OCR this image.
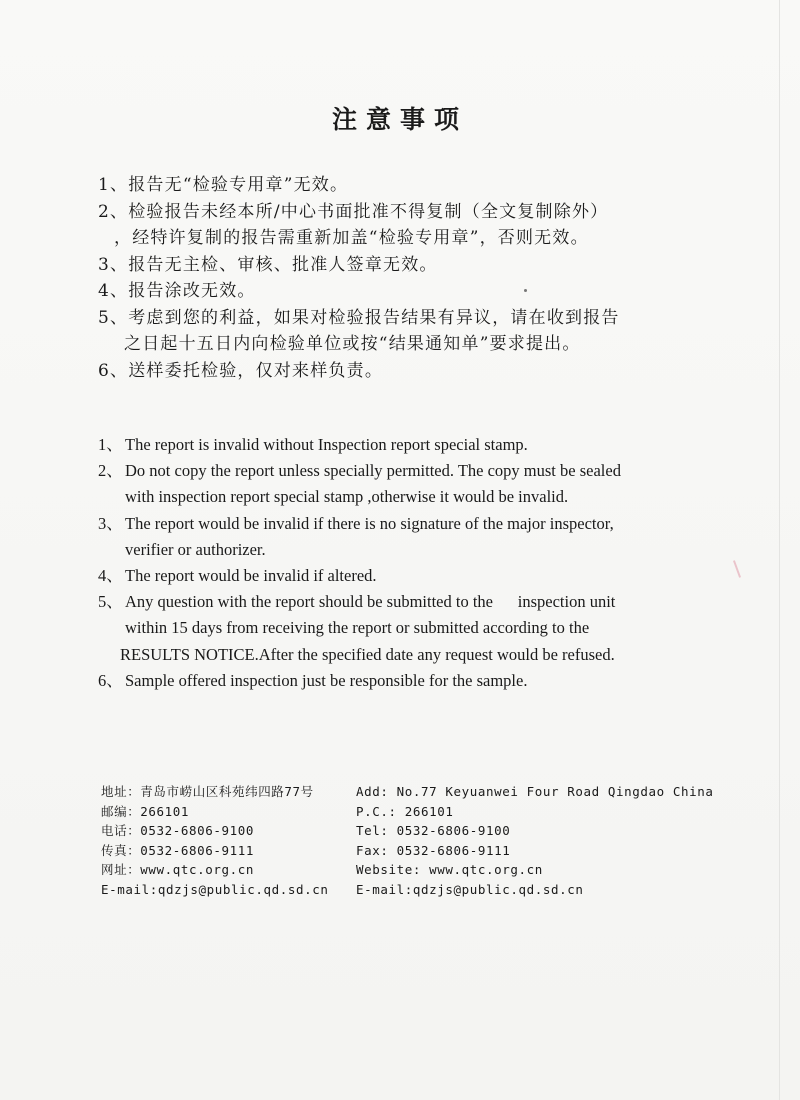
注意事项
1、报告无“检验专用章”无效。
2、检验报告未经本所/中心书面批准不得复制（全文复制除外）
，经特许复制的报告需重新加盖“检验专用章”，否则无效。
3、报告无主检、审核、批准人签章无效。
4、报告涂改无效。
5、考虑到您的利益，如果对检验报告结果有异议，请在收到报告
之日起十五日内向检验单位或按“结果通知单”要求提出。
6、送样委托检验，仅对来样负责。
1、 The report is invalid without Inspection report special stamp.
2、 Do not copy the report unless specially permitted. The copy must be sealed
with inspection report special stamp ,otherwise it would be invalid.
3、 The report would be invalid if there is no signature of the major inspector,
verifier or authorizer.
4、 The report would be invalid if altered.
5、 Any question with the report should be submitted to the      inspection unit
within 15 days from receiving the report or submitted according to the
RESULTS NOTICE.After the specified date any request would be refused.
6、 Sample offered inspection just be responsible for the sample.
地址：青岛市崂山区科苑纬四路77号
邮编：266101
电话：0532-6806-9100
传真：0532-6806-9111
网址：www.qtc.org.cn
E-mail:qdzjs@public.qd.sd.cn
Add: No.77 Keyuanwei Four Road Qingdao China
P.C.: 266101
Tel: 0532-6806-9100
Fax: 0532-6806-9111
Website: www.qtc.org.cn
E-mail:qdzjs@public.qd.sd.cn
